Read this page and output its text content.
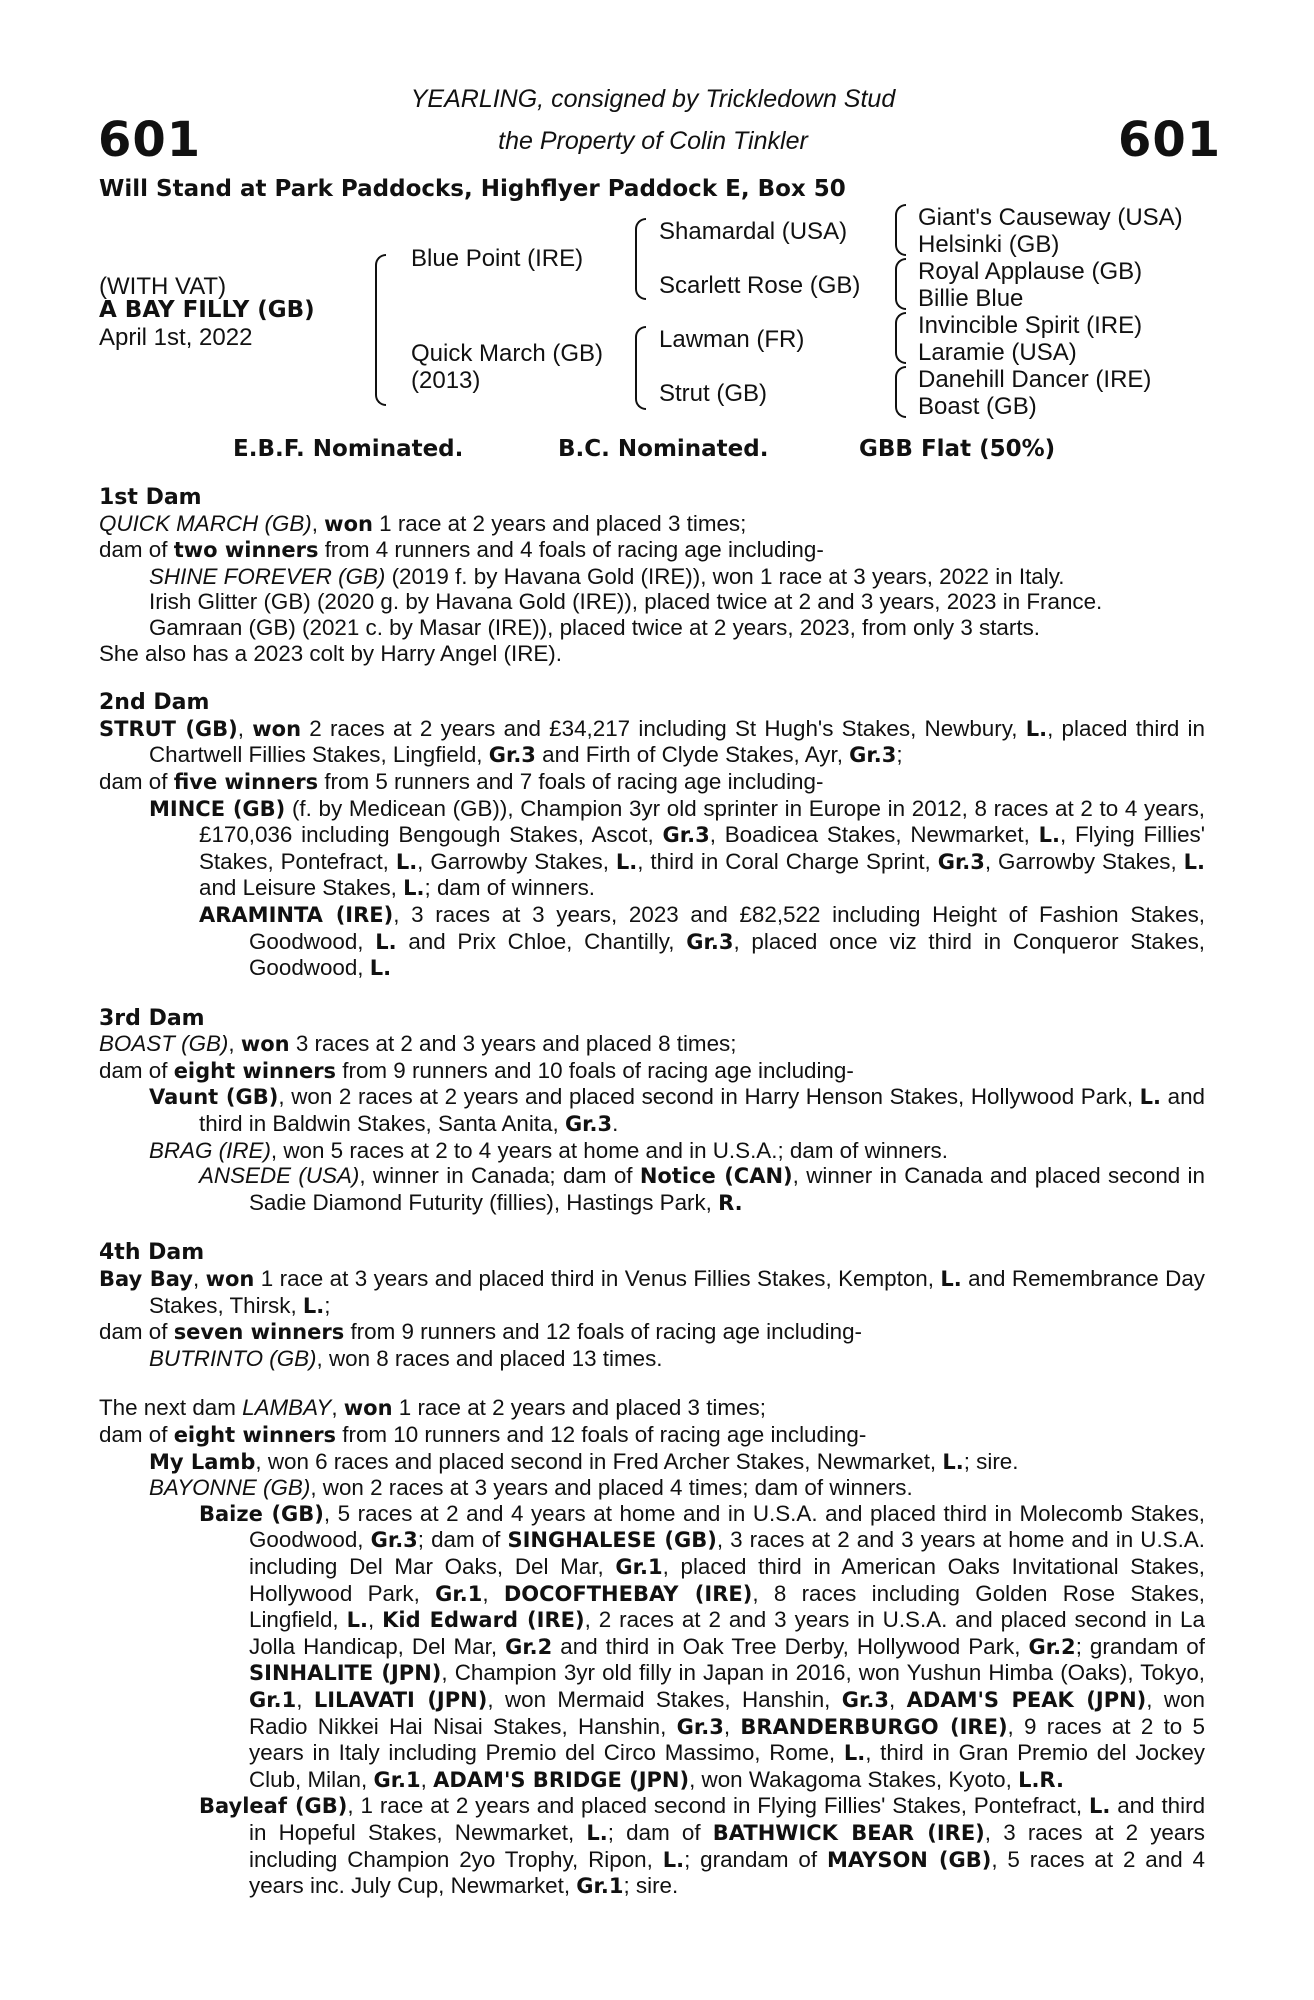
601	601
YEARLING, consigned by Trickledown Stud
the Property of Colin Tinkler
Will Stand at Park Paddocks, Highflyer Paddock E, Box 50
(WITH VAT)
A BAY FILLY (GB)
April 1st, 2022
Blue Point (IRE)
Quick March (GB)
(2013)
Shamardal (USA)
Scarlett Rose (GB)
Lawman (FR)
Strut (GB)
Giant's Causeway (USA)
Helsinki (GB)
Royal Applause (GB)
Billie Blue
Invincible Spirit (IRE)
Laramie (USA)
Danehill Dancer (IRE)
Boast (GB)
E.B.F. Nominated.	B.C. Nominated.	GBB Flat (50%)
1st Dam

QUICK MARCH (GB), won 1 race at 2 years and placed 3 times;

dam of two winners from 4 runners and 4 foals of racing age including-

SHINE FOREVER (GB) (2019 f. by Havana Gold (IRE)), won 1 race at 3 years, 2022 in Italy.

Irish Glitter (GB) (2020 g. by Havana Gold (IRE)), placed twice at 2 and 3 years, 2023 in France.

Gamraan (GB) (2021 c. by Masar (IRE)), placed twice at 2 years, 2023, from only 3 starts.

She also has a 2023 colt by Harry Angel (IRE).

2nd Dam

STRUT (GB), won 2 races at 2 years and £34,217 including St Hugh's Stakes, Newbury, L., placed third in Chartwell Fillies Stakes, Lingfield, Gr.3 and Firth of Clyde Stakes, Ayr, Gr.3;

dam of five winners from 5 runners and 7 foals of racing age including-

MINCE (GB) (f. by Medicean (GB)), Champion 3yr old sprinter in Europe in 2012, 8 races at 2 to 4 years, £170,036 including Bengough Stakes, Ascot, Gr.3, Boadicea Stakes, Newmarket, L., Flying Fillies' Stakes, Pontefract, L., Garrowby Stakes, L., third in Coral Charge Sprint, Gr.3, Garrowby Stakes, L. and Leisure Stakes, L.; dam of winners.

ARAMINTA (IRE), 3 races at 3 years, 2023 and £82,522 including Height of Fashion Stakes, Goodwood, L. and Prix Chloe, Chantilly, Gr.3, placed once viz third in Conqueror Stakes, Goodwood, L.

3rd Dam

BOAST (GB), won 3 races at 2 and 3 years and placed 8 times;

dam of eight winners from 9 runners and 10 foals of racing age including-

Vaunt (GB), won 2 races at 2 years and placed second in Harry Henson Stakes, Hollywood Park, L. and third in Baldwin Stakes, Santa Anita, Gr.3.

BRAG (IRE), won 5 races at 2 to 4 years at home and in U.S.A.; dam of winners.

ANSEDE (USA), winner in Canada; dam of Notice (CAN), winner in Canada and placed second in Sadie Diamond Futurity (fillies), Hastings Park, R.

4th Dam

Bay Bay, won 1 race at 3 years and placed third in Venus Fillies Stakes, Kempton, L. and Remembrance Day Stakes, Thirsk, L.;

dam of seven winners from 9 runners and 12 foals of racing age including-

BUTRINTO (GB), won 8 races and placed 13 times.

The next dam LAMBAY, won 1 race at 2 years and placed 3 times;

dam of eight winners from 10 runners and 12 foals of racing age including-

My Lamb, won 6 races and placed second in Fred Archer Stakes, Newmarket, L.; sire.

BAYONNE (GB), won 2 races at 3 years and placed 4 times; dam of winners.

Baize (GB), 5 races at 2 and 4 years at home and in U.S.A. and placed third in Molecomb Stakes, Goodwood, Gr.3; dam of SINGHALESE (GB), 3 races at 2 and 3 years at home and in U.S.A. including Del Mar Oaks, Del Mar, Gr.1, placed third in American Oaks Invitational Stakes, Hollywood Park, Gr.1, DOCOFTHEBAY (IRE), 8 races including Golden Rose Stakes, Lingfield, L., Kid Edward (IRE), 2 races at 2 and 3 years in U.S.A. and placed second in La Jolla Handicap, Del Mar, Gr.2 and third in Oak Tree Derby, Hollywood Park, Gr.2; grandam of SINHALITE (JPN), Champion 3yr old filly in Japan in 2016, won Yushun Himba (Oaks), Tokyo, Gr.1, LILAVATI (JPN), won Mermaid Stakes, Hanshin, Gr.3, ADAM'S PEAK (JPN), won Radio Nikkei Hai Nisai Stakes, Hanshin, Gr.3, BRANDERBURGO (IRE), 9 races at 2 to 5 years in Italy including Premio del Circo Massimo, Rome, L., third in Gran Premio del Jockey Club, Milan, Gr.1, ADAM'S BRIDGE (JPN), won Wakagoma Stakes, Kyoto, L.R.

Bayleaf (GB), 1 race at 2 years and placed second in Flying Fillies' Stakes, Pontefract, L. and third in Hopeful Stakes, Newmarket, L.; dam of BATHWICK BEAR (IRE), 3 races at 2 years including Champion 2yo Trophy, Ripon, L.; grandam of MAYSON (GB), 5 races at 2 and 4 years inc. July Cup, Newmarket, Gr.1; sire.
